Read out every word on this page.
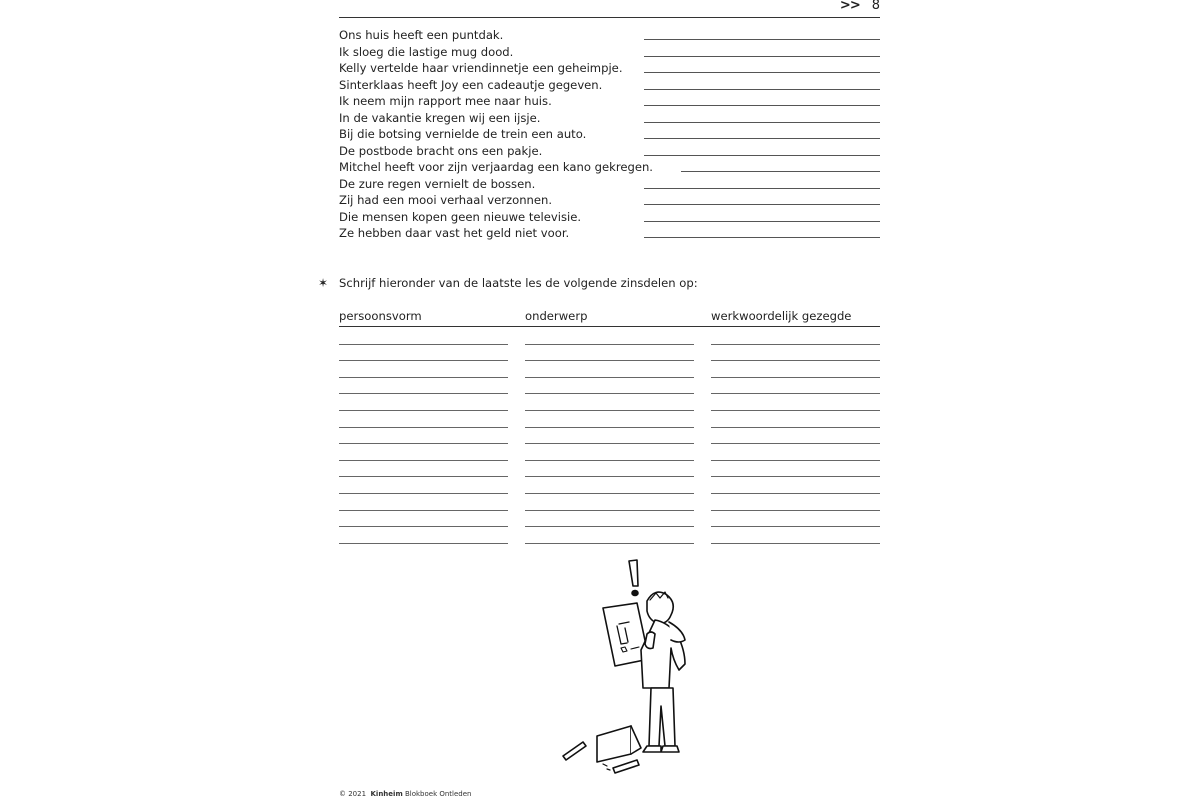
>> 8
Ons huis heeft een puntdak.
Ik sloeg die lastige mug dood.
Kelly vertelde haar vriendinnetje een geheimpje.
Sinterklaas heeft Joy een cadeautje gegeven.
Ik neem mijn rapport mee naar huis.
In de vakantie kregen wij een ijsje.
Bij die botsing vernielde de trein een auto.
De postbode bracht ons een pakje.
Mitchel heeft voor zijn verjaardag een kano gekregen.
De zure regen vernielt de bossen.
Zij had een mooi verhaal verzonnen.
Die mensen kopen geen nieuwe televisie.
Ze hebben daar vast het geld niet voor.
✶ Schrijf hieronder van de laatste les de volgende zinsdelen op:
persoonsvorm	onderwerp	werkwoordelijk gezegde
© 2021 Kinheim Blokboek Ontleden
